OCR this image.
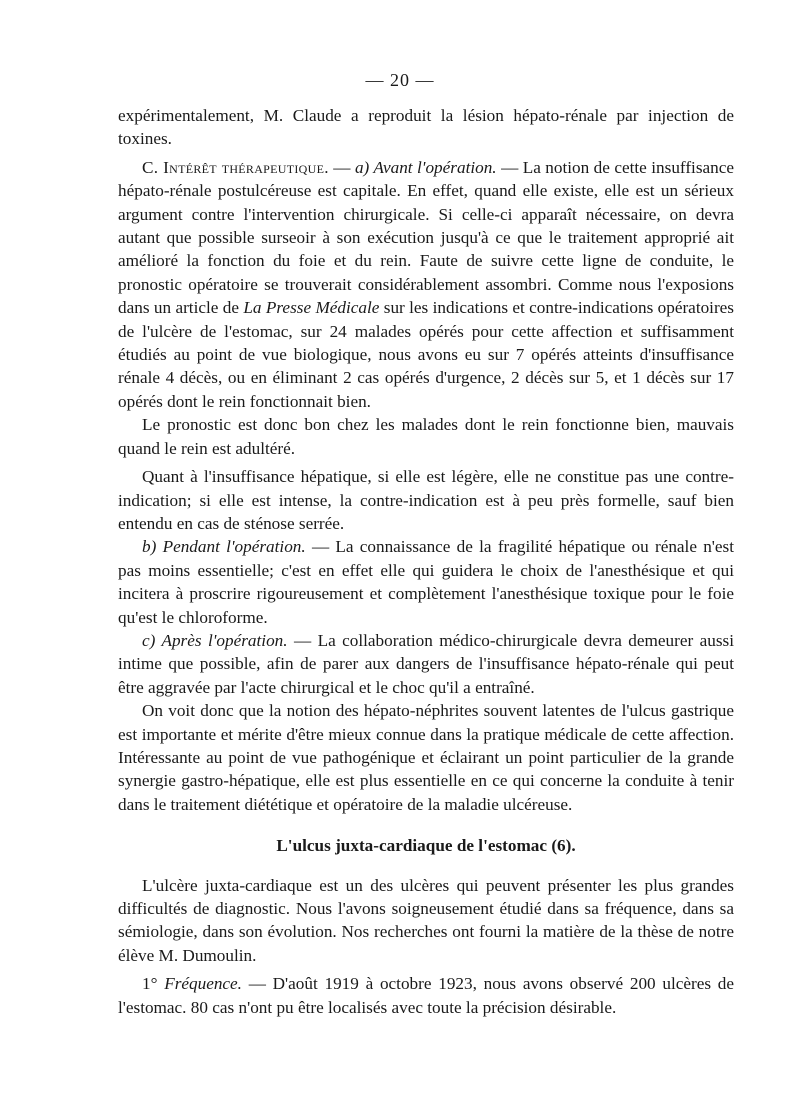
— 20 —

expérimentalement, M. Claude a reproduit la lésion hépato-rénale par injection de toxines.

C. Intérêt thérapeutique. — a) Avant l'opération. — La notion de cette insuffisance hépato-rénale postulcéreuse est capitale. En effet, quand elle existe, elle est un sérieux argument contre l'intervention chirurgicale. Si celle-ci apparaît nécessaire, on devra autant que possible surseoir à son exécution jusqu'à ce que le traitement approprié ait amélioré la fonction du foie et du rein. Faute de suivre cette ligne de conduite, le pronostic opératoire se trouverait considérablement assombri. Comme nous l'exposions dans un article de La Presse Médicale sur les indications et contre-indications opératoires de l'ulcère de l'estomac, sur 24 malades opérés pour cette affection et suffisamment étudiés au point de vue biologique, nous avons eu sur 7 opérés atteints d'insuffisance rénale 4 décès, ou en éliminant 2 cas opérés d'urgence, 2 décès sur 5, et 1 décès sur 17 opérés dont le rein fonctionnait bien.

Le pronostic est donc bon chez les malades dont le rein fonctionne bien, mauvais quand le rein est adultéré.

Quant à l'insuffisance hépatique, si elle est légère, elle ne constitue pas une contre-indication; si elle est intense, la contre-indication est à peu près formelle, sauf bien entendu en cas de sténose serrée.

b) Pendant l'opération. — La connaissance de la fragilité hépatique ou rénale n'est pas moins essentielle; c'est en effet elle qui guidera le choix de l'anesthésique et qui incitera à proscrire rigoureusement et complètement l'anesthésique toxique pour le foie qu'est le chloroforme.

c) Après l'opération. — La collaboration médico-chirurgicale devra demeurer aussi intime que possible, afin de parer aux dangers de l'insuffisance hépato-rénale qui peut être aggravée par l'acte chirurgical et le choc qu'il a entraîné.

On voit donc que la notion des hépato-néphrites souvent latentes de l'ulcus gastrique est importante et mérite d'être mieux connue dans la pratique médicale de cette affection. Intéressante au point de vue pathogénique et éclairant un point particulier de la grande synergie gastro-hépatique, elle est plus essentielle en ce qui concerne la conduite à tenir dans le traitement diététique et opératoire de la maladie ulcéreuse.

L'ulcus juxta-cardiaque de l'estomac (6).

L'ulcère juxta-cardiaque est un des ulcères qui peuvent présenter les plus grandes difficultés de diagnostic. Nous l'avons soigneusement étudié dans sa fréquence, dans sa sémiologie, dans son évolution. Nos recherches ont fourni la matière de la thèse de notre élève M. Dumoulin.

1° Fréquence. — D'août 1919 à octobre 1923, nous avons observé 200 ulcères de l'estomac. 80 cas n'ont pu être localisés avec toute la précision désirable.
